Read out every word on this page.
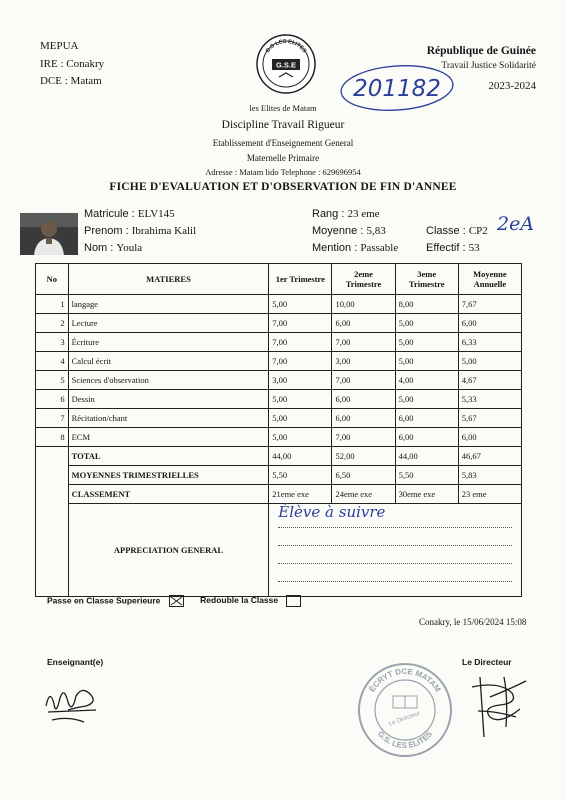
MEPUA
IRE : Conakry
DCE : Matam
G.S LES ELITES
G.S.E
République de Guinée
Travail Justice Solidarité
2023-2024
201182
les Elites de Matam
Discipline Travail Rigueur
Etablissement d'Enseignement General
Maternelle Primaire
Adresse : Matam lido Telephone : 629696954
FICHE D'EVALUATION ET D'OBSERVATION DE FIN D'ANNEE
Matricule : ELV145
Prenom : Ibrahima Kalil
Nom : Youla
Rang : 23 eme
Moyenne : 5,83
Mention : Passable
Classe : CP2 2eA
Effectif : 53
No	MATIERES	1er Trimestre	2eme Trimestre	3eme Trimestre	Moyenne Annuelle
1	langage	5,00	10,00	8,00	7,67
2	Lecture	7,00	6,00	5,00	6,00
3	Écriture	7,00	7,00	5,00	6,33
4	Calcul écrit	7,00	3,00	5,00	5,00
5	Sciences d'observation	3,00	7,00	4,00	4,67
6	Dessin	5,00	6,00	5,00	5,33
7	Récitation/chant	5,00	6,00	6,00	5,67
8	ECM	5,00	7,00	6,00	6,00
	TOTAL	44,00	52,00	44,00	46,67
	MOYENNES TRIMESTRIELLES	5,50	6,50	5,50	5,83
	CLASSEMENT	21eme exe	24eme exe	30eme exe	23 eme
	APPRECIATION GENERAL	Élève à suivre			
Passe en Classe Superieure	Redouble la Classe
Conakry, le 15/06/2024 15:08
Enseignant(e)	Le Directeur
ÉCRYT DCE MATAM
G.S. LES ÉLITES
Le Directeur
